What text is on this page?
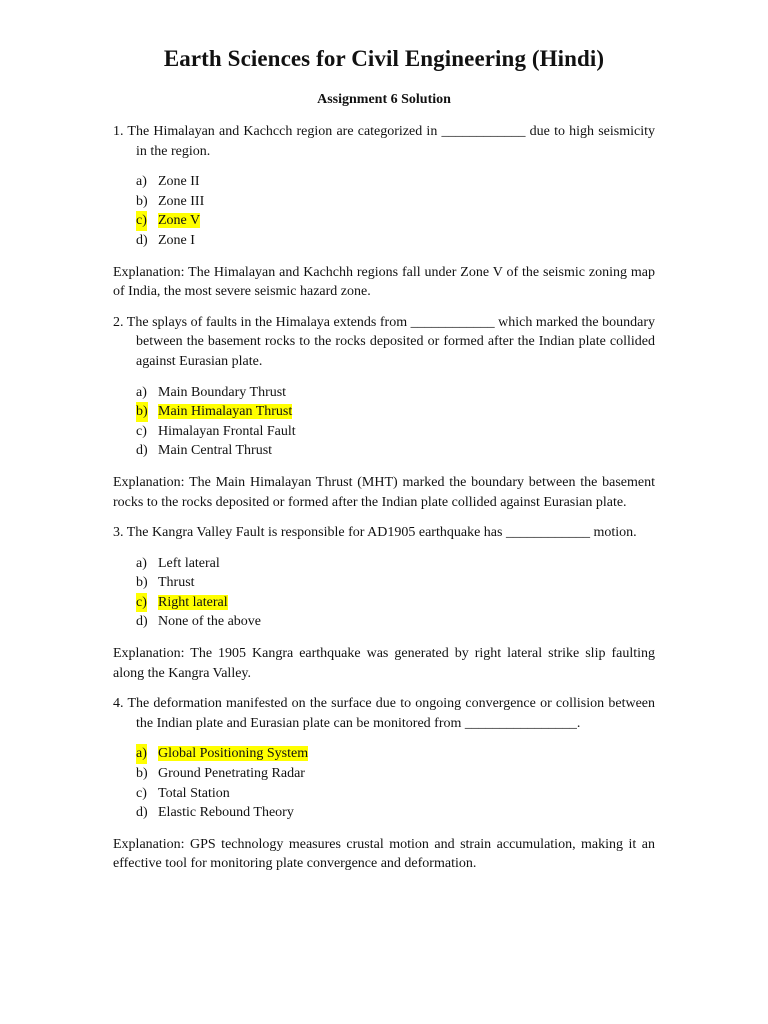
Earth Sciences for Civil Engineering (Hindi)
Assignment 6 Solution

1. The Himalayan and Kachcch region are categorized in ____________ due to high seismicity in the region.

a) Zone II
b) Zone III
c) Zone V
d) Zone I

Explanation: The Himalayan and Kachchh regions fall under Zone V of the seismic zoning map of India, the most severe seismic hazard zone.

2. The splays of faults in the Himalaya extends from ____________ which marked the boundary between the basement rocks to the rocks deposited or formed after the Indian plate collided against Eurasian plate.

a) Main Boundary Thrust
b) Main Himalayan Thrust
c) Himalayan Frontal Fault
d) Main Central Thrust

Explanation: The Main Himalayan Thrust (MHT) marked the boundary between the basement rocks to the rocks deposited or formed after the Indian plate collided against Eurasian plate.

3. The Kangra Valley Fault is responsible for AD1905 earthquake has ____________ motion.

a) Left lateral
b) Thrust
c) Right lateral
d) None of the above

Explanation: The 1905 Kangra earthquake was generated by right lateral strike slip faulting along the Kangra Valley.

4. The deformation manifested on the surface due to ongoing convergence or collision between the Indian plate and Eurasian plate can be monitored from ________________.

a) Global Positioning System
b) Ground Penetrating Radar
c) Total Station
d) Elastic Rebound Theory

Explanation: GPS technology measures crustal motion and strain accumulation, making it an effective tool for monitoring plate convergence and deformation.
